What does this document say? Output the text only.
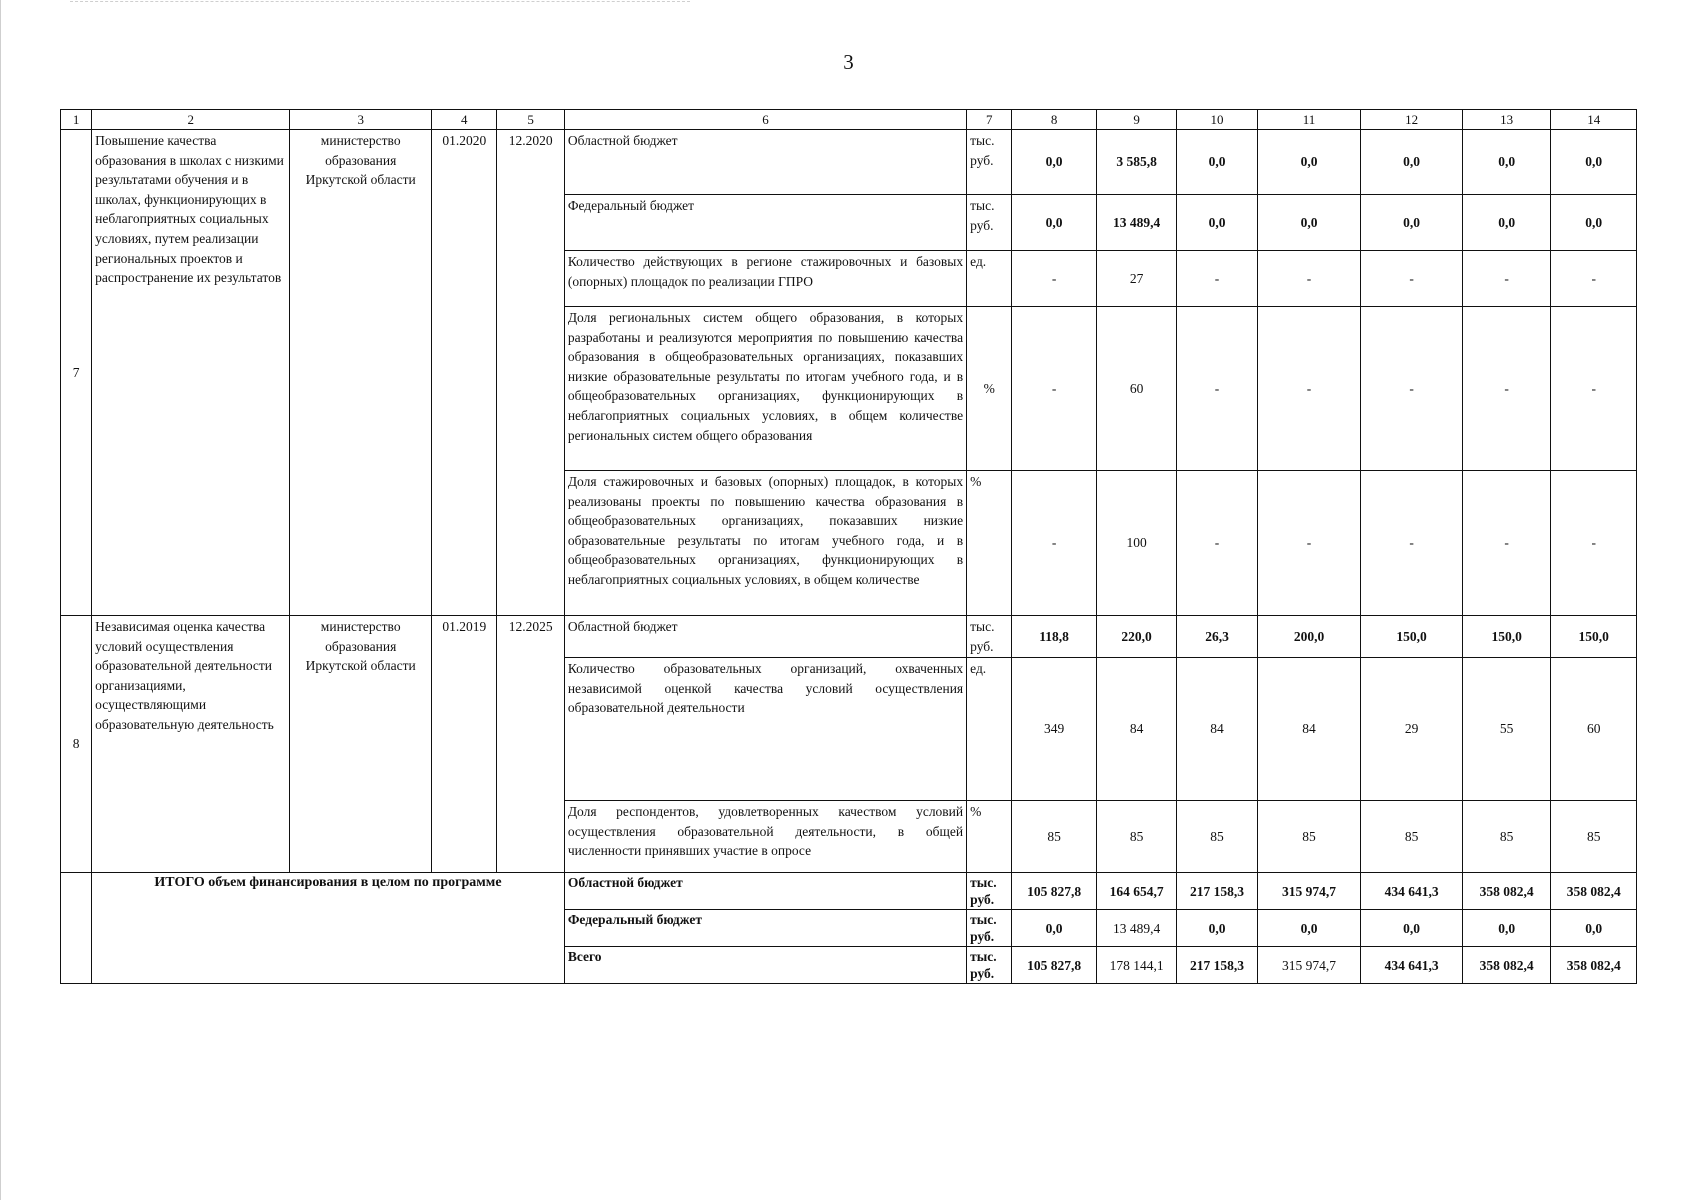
3
1	2	3	4	5	6	7	8	9	10	11	12	13	14
7	Повышение качества образования в школах с низкими результатами обучения и в школах, функционирующих в неблагоприятных социальных условиях, путем реализации региональных проектов и распространение их результатов	министерство образования Иркутской области	01.2020	12.2020	Областной бюджет	тыс. руб.	0,0	3 585,8	0,0	0,0	0,0	0,0	0,0
					Федеральный бюджет	тыс. руб.	0,0	13 489,4	0,0	0,0	0,0	0,0	0,0
					Количество действующих в регионе стажировочных и базовых (опорных) площадок по реализации ГПРО	ед.	-	27	-	-	-	-	-
					Доля региональных систем общего образования, в которых разработаны и реализуются мероприятия по повышению качества образования в общеобразовательных организациях, показавших низкие образовательные результаты по итогам учебного года, и в общеобразовательных организациях, функционирующих в неблагоприятных социальных условиях, в общем количестве региональных систем общего образования	%	-	60	-	-	-	-	-
					Доля стажировочных и базовых (опорных) площадок, в которых реализованы проекты по повышению качества образования в общеобразовательных организациях, показавших низкие образовательные результаты по итогам учебного года, и в общеобразовательных организациях, функционирующих в неблагоприятных социальных условиях, в общем количестве	%	-	100	-	-	-	-	-
8	Независимая оценка качества условий осуществления образовательной деятельности организациями, осуществляющими образовательную деятельность	министерство образования Иркутской области	01.2019	12.2025	Областной бюджет	тыс. руб.	118,8	220,0	26,3	200,0	150,0	150,0	150,0
					Количество образовательных организаций, охваченных независимой оценкой качества условий осуществления образовательной деятельности	ед.	349	84	84	84	29	55	60
					Доля респондентов, удовлетворенных качеством условий осуществления образовательной деятельности, в общей численности принявших участие в опросе	%	85	85	85	85	85	85	85
	ИТОГО объем финансирования в целом по программе				Областной бюджет	тыс. руб.	105 827,8	164 654,7	217 158,3	315 974,7	434 641,3	358 082,4	358 082,4
					Федеральный бюджет	тыс. руб.	0,0	13 489,4	0,0	0,0	0,0	0,0	0,0
					Всего	тыс. руб.	105 827,8	178 144,1	217 158,3	315 974,7	434 641,3	358 082,4	358 082,4
